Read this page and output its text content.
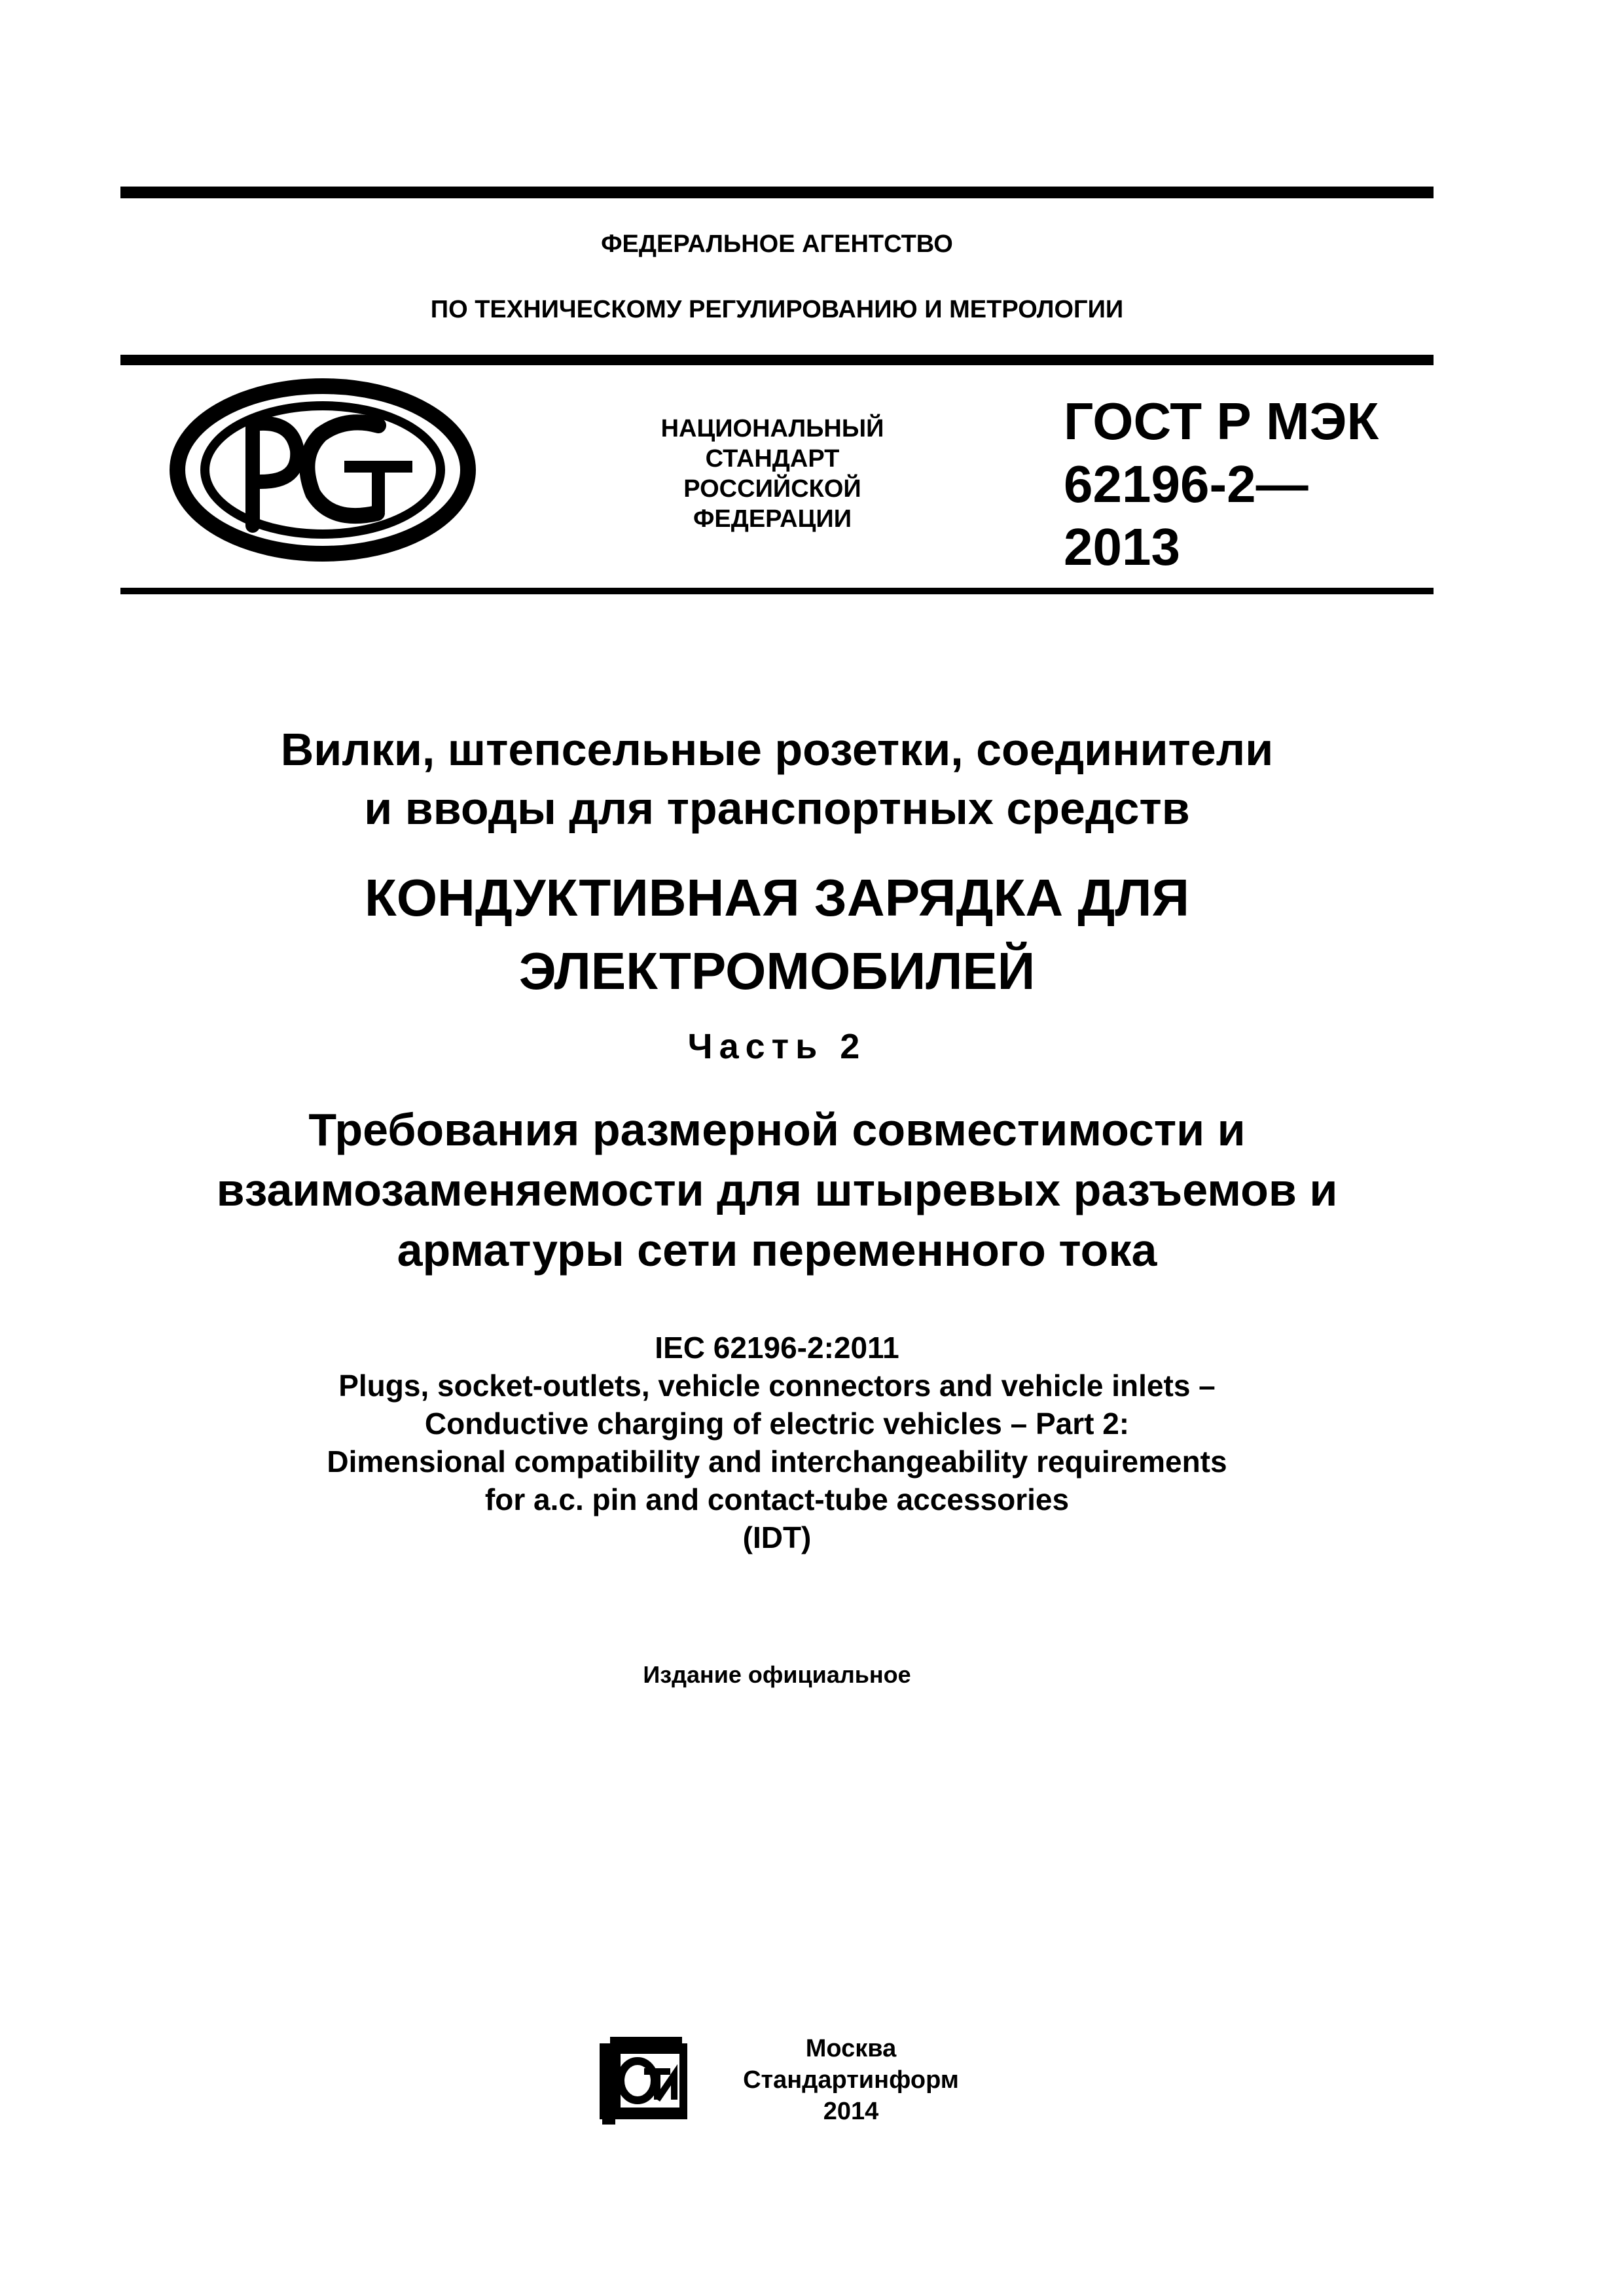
ФЕДЕРАЛЬНОЕ АГЕНТСТВО
ПО ТЕХНИЧЕСКОМУ РЕГУЛИРОВАНИЮ И МЕТРОЛОГИИ
НАЦИОНАЛЬНЫЙ
СТАНДАРТ
РОССИЙСКОЙ
ФЕДЕРАЦИИ
ГОСТ Р МЭК
62196-2—
2013
Вилки, штепсельные розетки, соединители
и вводы для транспортных средств
КОНДУКТИВНАЯ ЗАРЯДКА ДЛЯ
ЭЛЕКТРОМОБИЛЕЙ
Часть 2
Требования размерной совместимости и
взаимозаменяемости для штыревых разъемов и
арматуры сети переменного тока
IEC 62196-2:2011
Plugs, socket-outlets, vehicle connectors and vehicle inlets –
Conductive charging of electric vehicles – Part 2:
Dimensional compatibility and interchangeability requirements
for a.c. pin and contact-tube accessories
(IDT)
Издание официальное
Москва
Стандартинформ
2014
